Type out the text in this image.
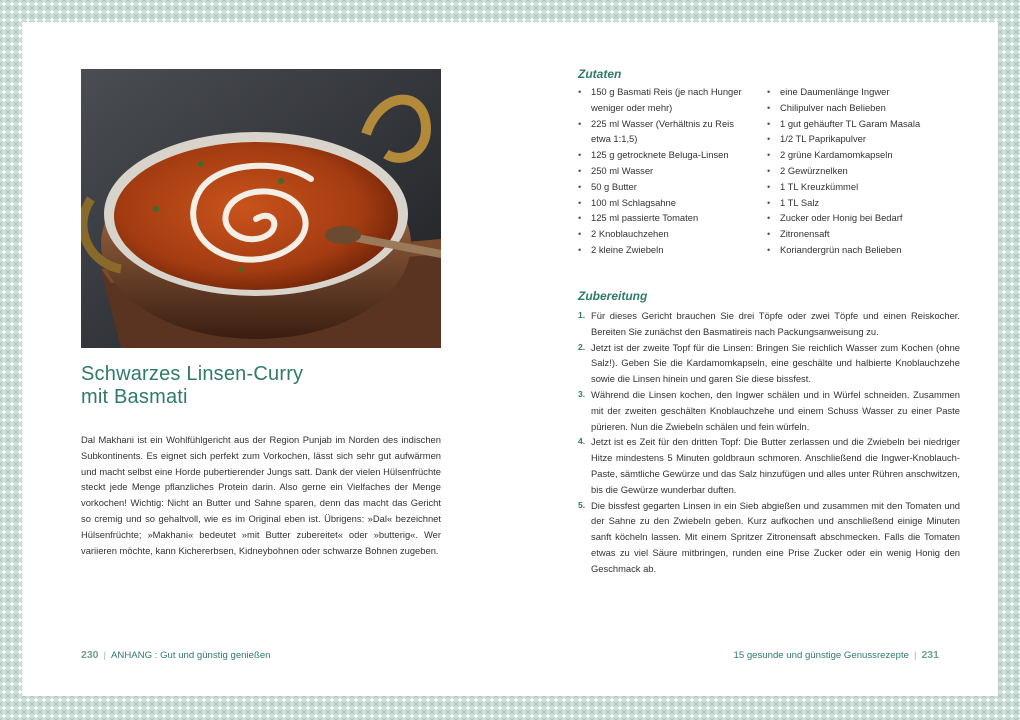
Schwarzes Linsen-Curry
mit Basmati

Dal Makhani ist ein Wohlfühlgericht aus der Region Punjab im Norden des indischen Subkontinents. Es eignet sich perfekt zum Vorkochen, lässt sich sehr gut aufwärmen und macht selbst eine Horde pubertierender Jungs satt. Dank der vielen Hülsenfrüchte steckt jede Menge pflanzliches Protein darin. Also gerne ein Vielfaches der Menge vorkochen! Wichtig: Nicht an Butter und Sahne sparen, denn das macht das Gericht so cremig und so gehaltvoll, wie es im Original eben ist. Übrigens: »Dal« bezeichnet Hülsenfrüchte; »Makhani« bedeutet »mit Butter zubereitet« oder »butterig«. Wer variieren möchte, kann Kichererbsen, Kidneybohnen oder schwarze Bohnen zugeben.

230 | ANHANG : Gut und günstig genießen
Zutaten
• 150 g Basmati Reis (je nach Hunger weniger oder mehr)
• 225 ml Wasser (Verhältnis zu Reis etwa 1:1,5)
• 125 g getrocknete Beluga-Linsen
• 250 ml Wasser
• 50 g Butter
• 100 ml Schlagsahne
• 125 ml passierte Tomaten
• 2 Knoblauchzehen
• 2 kleine Zwiebeln
• eine Daumenlänge Ingwer
• Chilipulver nach Belieben
• 1 gut gehäufter TL Garam Masala
• 1/2 TL Paprikapulver
• 2 grüne Kardamomkapseln
• 2 Gewürznelken
• 1 TL Kreuzkümmel
• 1 TL Salz
• Zucker oder Honig bei Bedarf
• Zitronensaft
• Koriandergrün nach Belieben
Zubereitung
1. Für dieses Gericht brauchen Sie drei Töpfe oder zwei Töpfe und einen Reiskocher. Bereiten Sie zunächst den Basmatireis nach Packungsanweisung zu.
2. Jetzt ist der zweite Topf für die Linsen: Bringen Sie reichlich Wasser zum Kochen (ohne Salz!). Geben Sie die Kardamomkapseln, eine geschälte und halbierte Knoblauchzehe sowie die Linsen hinein und garen Sie diese bissfest.
3. Während die Linsen kochen, den Ingwer schälen und in Würfel schneiden. Zusammen mit der zweiten geschälten Knoblauchzehe und einem Schuss Wasser zu einer Paste pürieren. Nun die Zwiebeln schälen und fein würfeln.
4. Jetzt ist es Zeit für den dritten Topf: Die Butter zerlassen und die Zwiebeln bei niedriger Hitze mindestens 5 Minuten goldbraun schmoren. Anschließend die Ingwer-Knoblauch-Paste, sämtliche Gewürze und das Salz hinzufügen und alles unter Rühren anschwitzen, bis die Gewürze wunderbar duften.
5. Die bissfest gegarten Linsen in ein Sieb abgießen und zusammen mit den Tomaten und der Sahne zu den Zwiebeln geben. Kurz aufkochen und anschließend einige Minuten sanft köcheln lassen. Mit einem Spritzer Zitronensaft abschmecken. Falls die Tomaten etwas zu viel Säure mitbringen, runden eine Prise Zucker oder ein wenig Honig den Geschmack ab.
15 gesunde und günstige Genussrezepte | 231
